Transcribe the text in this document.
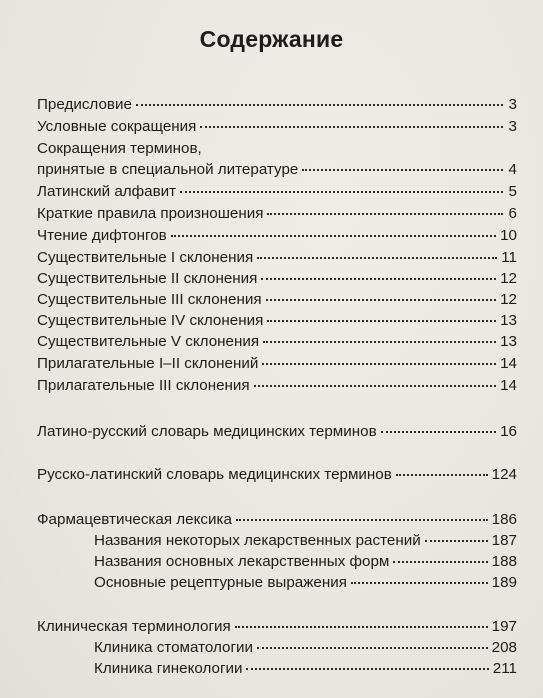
Содержание
Предисловие	3
Условные сокращения	3
Сокращения терминов,
принятые в специальной литературе	4
Латинский алфавит	5
Краткие правила произношения	6
Чтение дифтонгов	10
Существительные I склонения	11
Существительные II склонения	12
Существительные III склонения	12
Существительные IV склонения	13
Существительные V склонения	13
Прилагательные I–II склонений	14
Прилагательные III склонения	14
Латино-русский словарь медицинских терминов	16
Русско-латинский словарь медицинских терминов	124
Фармацевтическая лексика	186
Названия некоторых лекарственных растений	187
Названия основных лекарственных форм	188
Основные рецептурные выражения	189
Клиническая терминология	197
Клиника стоматологии	208
Клиника гинекологии	211
